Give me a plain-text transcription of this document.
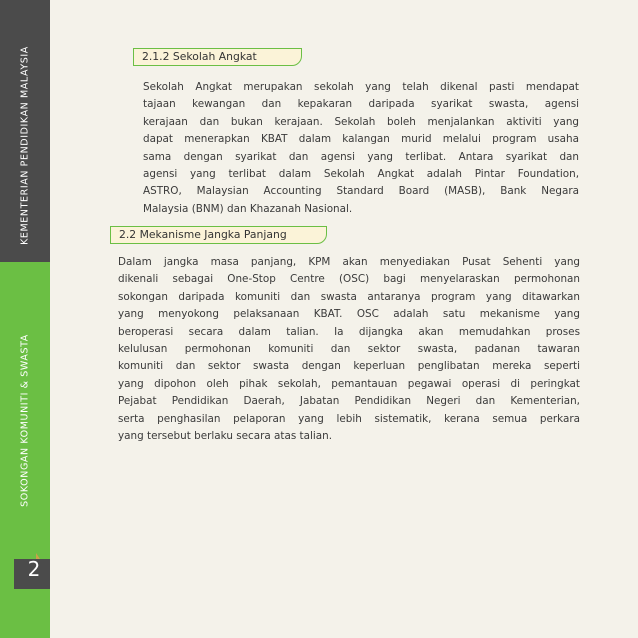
KEMENTERIAN PENDIDIKAN MALAYSIA
SOKONGAN KOMUNITI & SWASTA
2
2.1.2 Sekolah Angkat
Sekolah Angkat merupakan sekolah yang telah dikenal pasti mendapat
tajaan kewangan dan kepakaran daripada syarikat swasta, agensi
kerajaan dan bukan kerajaan. Sekolah boleh menjalankan aktiviti yang
dapat menerapkan KBAT dalam kalangan murid melalui program usaha
sama dengan syarikat dan agensi yang terlibat. Antara syarikat dan
agensi yang terlibat dalam Sekolah Angkat adalah Pintar Foundation,
ASTRO, Malaysian Accounting Standard Board (MASB), Bank Negara
Malaysia (BNM) dan Khazanah Nasional.
2.2 Mekanisme Jangka Panjang
Dalam jangka masa panjang, KPM akan menyediakan Pusat Sehenti yang
dikenali sebagai One-Stop Centre (OSC) bagi menyelaraskan permohonan
sokongan daripada komuniti dan swasta antaranya program yang ditawarkan
yang menyokong pelaksanaan KBAT. OSC adalah satu mekanisme yang
beroperasi secara dalam talian. Ia dijangka akan memudahkan proses
kelulusan permohonan komuniti dan sektor swasta, padanan tawaran
komuniti dan sektor swasta dengan keperluan penglibatan mereka seperti
yang dipohon oleh pihak sekolah, pemantauan pegawai operasi di peringkat
Pejabat Pendidikan Daerah, Jabatan Pendidikan Negeri dan Kementerian,
serta penghasilan pelaporan yang lebih sistematik, kerana semua perkara
yang tersebut berlaku secara atas talian.
